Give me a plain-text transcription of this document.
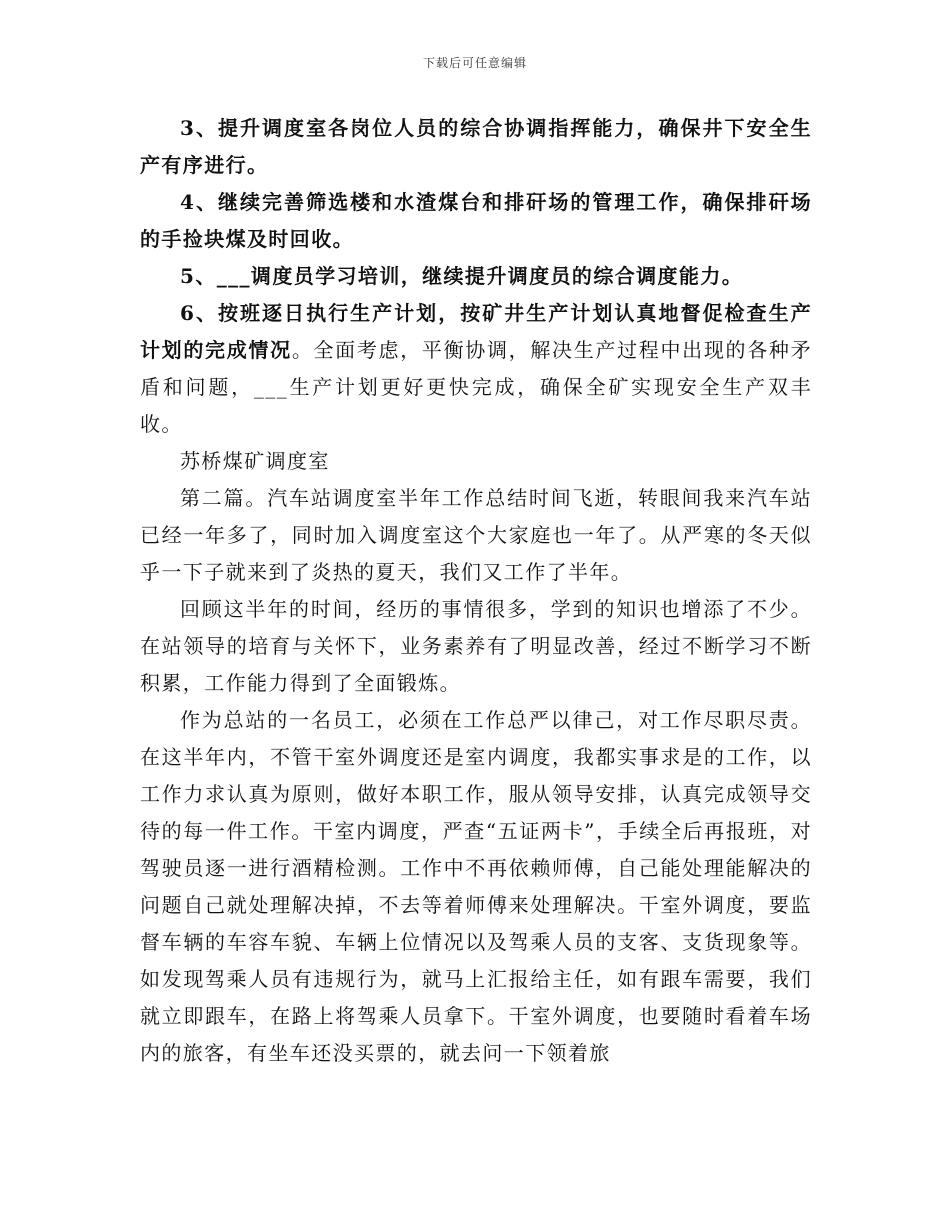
下载后可任意编辑

3、提升调度室各岗位人员的综合协调指挥能力，确保井下安全生产有序进行。

4、继续完善筛选楼和水渣煤台和排矸场的管理工作，确保排矸场的手捡块煤及时回收。

5、___调度员学习培训，继续提升调度员的综合调度能力。

6、按班逐日执行生产计划，按矿井生产计划认真地督促检查生产计划的完成情况。全面考虑，平衡协调，解决生产过程中出现的各种矛盾和问题，___生产计划更好更快完成，确保全矿实现安全生产双丰收。

苏桥煤矿调度室

第二篇。汽车站调度室半年工作总结时间飞逝，转眼间我来汽车站已经一年多了，同时加入调度室这个大家庭也一年了。从严寒的冬天似乎一下子就来到了炎热的夏天，我们又工作了半年。

回顾这半年的时间，经历的事情很多，学到的知识也增添了不少。在站领导的培育与关怀下，业务素养有了明显改善，经过不断学习不断积累，工作能力得到了全面锻炼。

作为总站的一名员工，必须在工作总严以律己，对工作尽职尽责。在这半年内，不管干室外调度还是室内调度，我都实事求是的工作，以工作力求认真为原则，做好本职工作，服从领导安排，认真完成领导交待的每一件工作。干室内调度，严查“五证两卡”，手续全后再报班，对驾驶员逐一进行酒精检测。工作中不再依赖师傅，自己能处理能解决的问题自己就处理解决掉，不去等着师傅来处理解决。干室外调度，要监督车辆的车容车貌、车辆上位情况以及驾乘人员的支客、支货现象等。如发现驾乘人员有违规行为，就马上汇报给主任，如有跟车需要，我们就立即跟车，在路上将驾乘人员拿下。干室外调度，也要随时看着车场内的旅客，有坐车还没买票的，就去问一下领着旅
